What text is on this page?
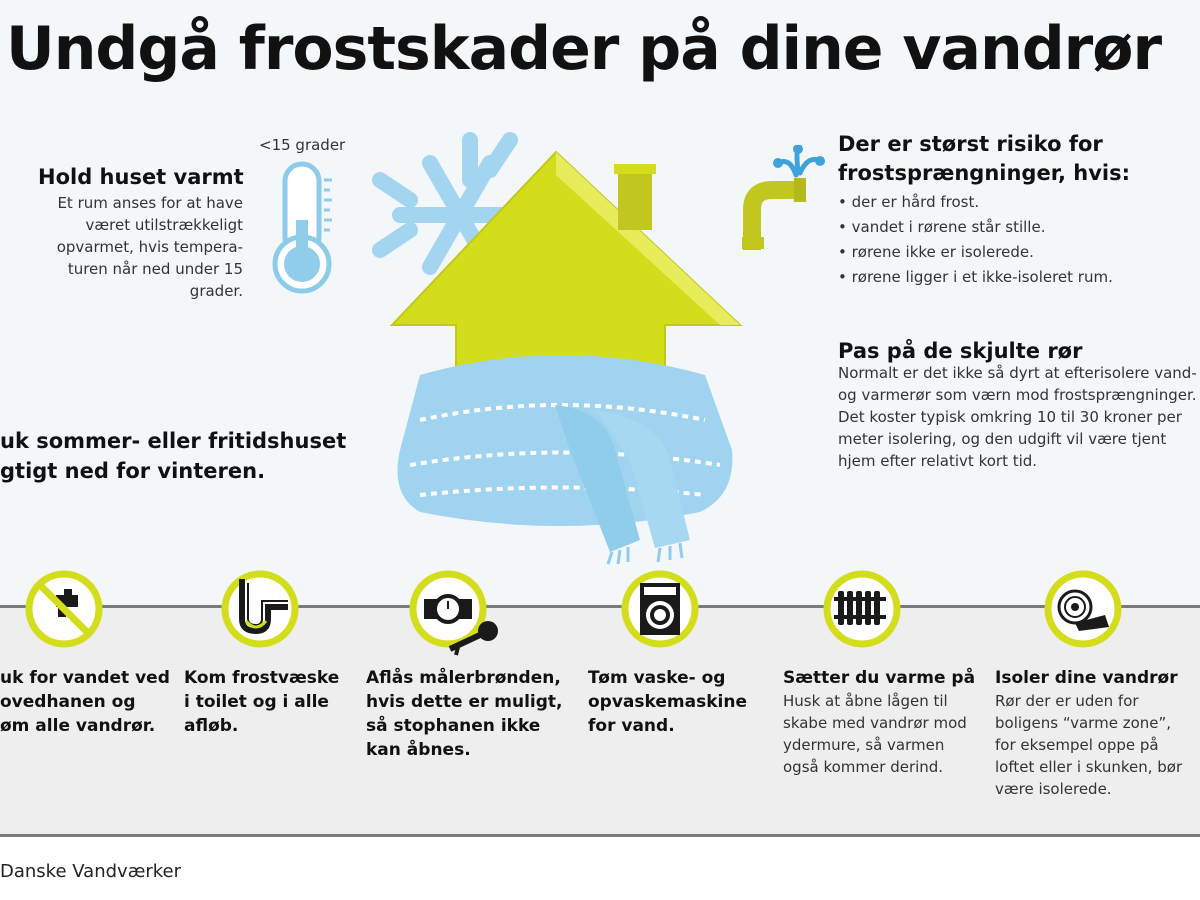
Undgå frostskader på dine vandrør
Hold huset varmt

Et rum anses for at have

været utilstrækkeligt

opvarmet, hvis tempera-

turen når ned under 15

grader.

<15 grader
uk sommer- eller fritidshuset
gtigt ned for vinteren.
Der er størst risiko for
frostsprængninger, hvis:
• der er hård frost.
• vandet i rørene står stille.
• rørene ikke er isolerede.
• rørene ligger i et ikke-isoleret rum.
Pas på de skjulte rør

Normalt er det ikke så dyrt at efterisolere vand-

og varmerør som værn mod frostsprængninger.

Det koster typisk omkring 10 til 30 kroner per

meter isolering, og den udgift vil være tjent

hjem efter relativt kort tid.

uk for vandet ved
ovedhanen og
øm alle vandrør.
Kom frostvæske
i toilet og i alle
afløb.
Aflås målerbrønden,
hvis dette er muligt,
så stophanen ikke
kan åbnes.
Tøm vaske- og
opvaskemaskine
for vand.
Sætter du varme på

Husk at åbne lågen til

skabe med vandrør mod

ydermure, så varmen

også kommer derind.

Isoler dine vandrør

Rør der er uden for

boligens “varme zone”,

for eksempel oppe på

loftet eller i skunken, bør

være isolerede.

Danske Vandværker
